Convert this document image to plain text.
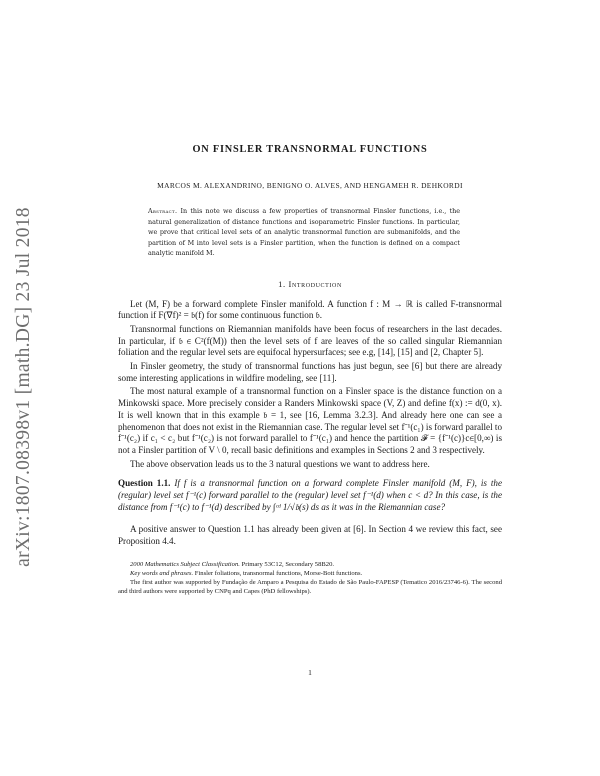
arXiv:1807.08398v1 [math.DG] 23 Jul 2018
ON FINSLER TRANSNORMAL FUNCTIONS
MARCOS M. ALEXANDRINO, BENIGNO O. ALVES, AND HENGAMEH R. DEHKORDI
Abstract. In this note we discuss a few properties of transnormal Finsler functions, i.e., the natural generalization of distance functions and isoparametric Finsler functions. In particular, we prove that critical level sets of an analytic transnormal function are submanifolds, and the partition of M into level sets is a Finsler partition, when the function is defined on a compact analytic manifold M.
1. Introduction

Let (M, F) be a forward complete Finsler manifold. A function f : M → ℝ is called F-transnormal function if F(∇f)² = 𝔟(f) for some continuous function 𝔟.

Transnormal functions on Riemannian manifolds have been focus of researchers in the last decades. In particular, if 𝔟 ∈ C²(f(M)) then the level sets of f are leaves of the so called singular Riemannian foliation and the regular level sets are equifocal hypersurfaces; see e.g, [14], [15] and [2, Chapter 5].

In Finsler geometry, the study of transnormal functions has just begun, see [6] but there are already some interesting applications in wildfire modeling, see [11].

The most natural example of a transnormal function on a Finsler space is the distance function on a Minkowski space. More precisely consider a Randers Minkowski space (V, Z) and define f(x) := d(0, x). It is well known that in this example 𝔟 = 1, see [16, Lemma 3.2.3]. And already here one can see a phenomenon that does not exist in the Riemannian case. The regular level set f⁻¹(c₁) is forward parallel to f⁻¹(c₂) if c₁ < c₂ but f⁻¹(c₂) is not forward parallel to f⁻¹(c₁) and hence the partition 𝓕 = {f⁻¹(c)}c∈[0,∞) is not a Finsler partition of V \ 0, recall basic definitions and examples in Sections 2 and 3 respectively.

The above observation leads us to the 3 natural questions we want to address here.

Question 1.1. If f is a transnormal function on a forward complete Finsler manifold (M, F), is the (regular) level set f⁻¹(c) forward parallel to the (regular) level set f⁻¹(d) when c < d? In this case, is the distance from f⁻¹(c) to f⁻¹(d) described by ∫ᶜᵈ 1/√𝔟(s) ds as it was in the Riemannian case?
A positive answer to Question 1.1 has already been given at [6]. In Section 4 we review this fact, see Proposition 4.4.

2000 Mathematics Subject Classification. Primary 53C12, Secondary 58B20.

Key words and phrases. Finsler foliations, transnormal functions, Morse-Bott functions.

The first author was supported by Fundação de Amparo a Pesquisa do Estado de São Paulo-FAPESP (Tematico 2016/23746-6). The second and third authors were supported by CNPq and Capes (PhD fellowships).

1
